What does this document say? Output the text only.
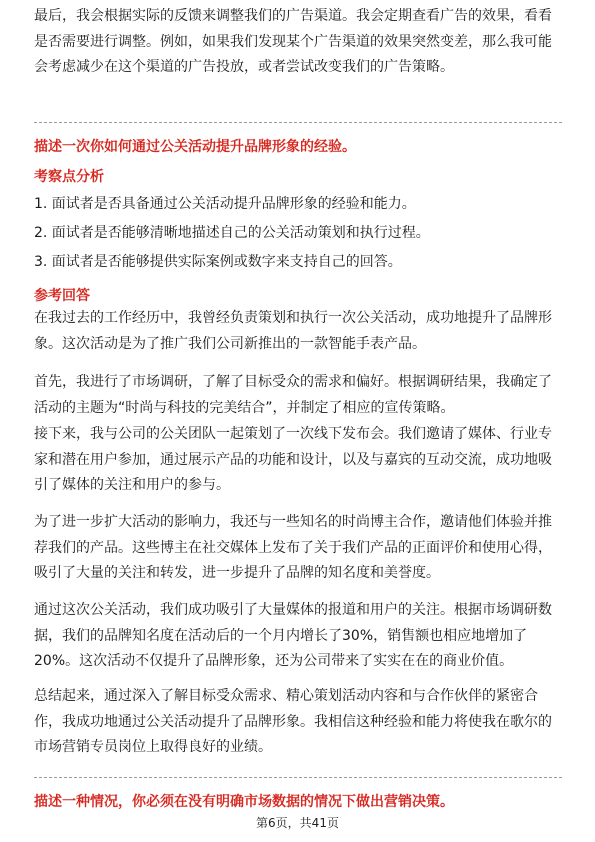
最后，我会根据实际的反馈来调整我们的广告渠道。我会定期查看广告的效果，看看是否需要进行调整。例如，如果我们发现某个广告渠道的效果突然变差，那么我可能会考虑减少在这个渠道的广告投放，或者尝试改变我们的广告策略。

描述一次你如何通过公关活动提升品牌形象的经验。

考察点分析

1. 面试者是否具备通过公关活动提升品牌形象的经验和能力。

2. 面试者是否能够清晰地描述自己的公关活动策划和执行过程。

3. 面试者是否能够提供实际案例或数字来支持自己的回答。

参考回答

在我过去的工作经历中，我曾经负责策划和执行一次公关活动，成功地提升了品牌形象。这次活动是为了推广我们公司新推出的一款智能手表产品。

首先，我进行了市场调研，了解了目标受众的需求和偏好。根据调研结果，我确定了活动的主题为“时尚与科技的完美结合”，并制定了相应的宣传策略。

接下来，我与公司的公关团队一起策划了一次线下发布会。我们邀请了媒体、行业专家和潜在用户参加，通过展示产品的功能和设计，以及与嘉宾的互动交流，成功地吸引了媒体的关注和用户的参与。

为了进一步扩大活动的影响力，我还与一些知名的时尚博主合作，邀请他们体验并推荐我们的产品。这些博主在社交媒体上发布了关于我们产品的正面评价和使用心得，吸引了大量的关注和转发，进一步提升了品牌的知名度和美誉度。

通过这次公关活动，我们成功吸引了大量媒体的报道和用户的关注。根据市场调研数据，我们的品牌知名度在活动后的一个月内增长了30%，销售额也相应地增加了20%。这次活动不仅提升了品牌形象，还为公司带来了实实在在的商业价值。

总结起来，通过深入了解目标受众需求、精心策划活动内容和与合作伙伴的紧密合作，我成功地通过公关活动提升了品牌形象。我相信这种经验和能力将使我在歌尔的市场营销专员岗位上取得良好的业绩。

描述一种情况，你必须在没有明确市场数据的情况下做出营销决策。

第6页，共41页
